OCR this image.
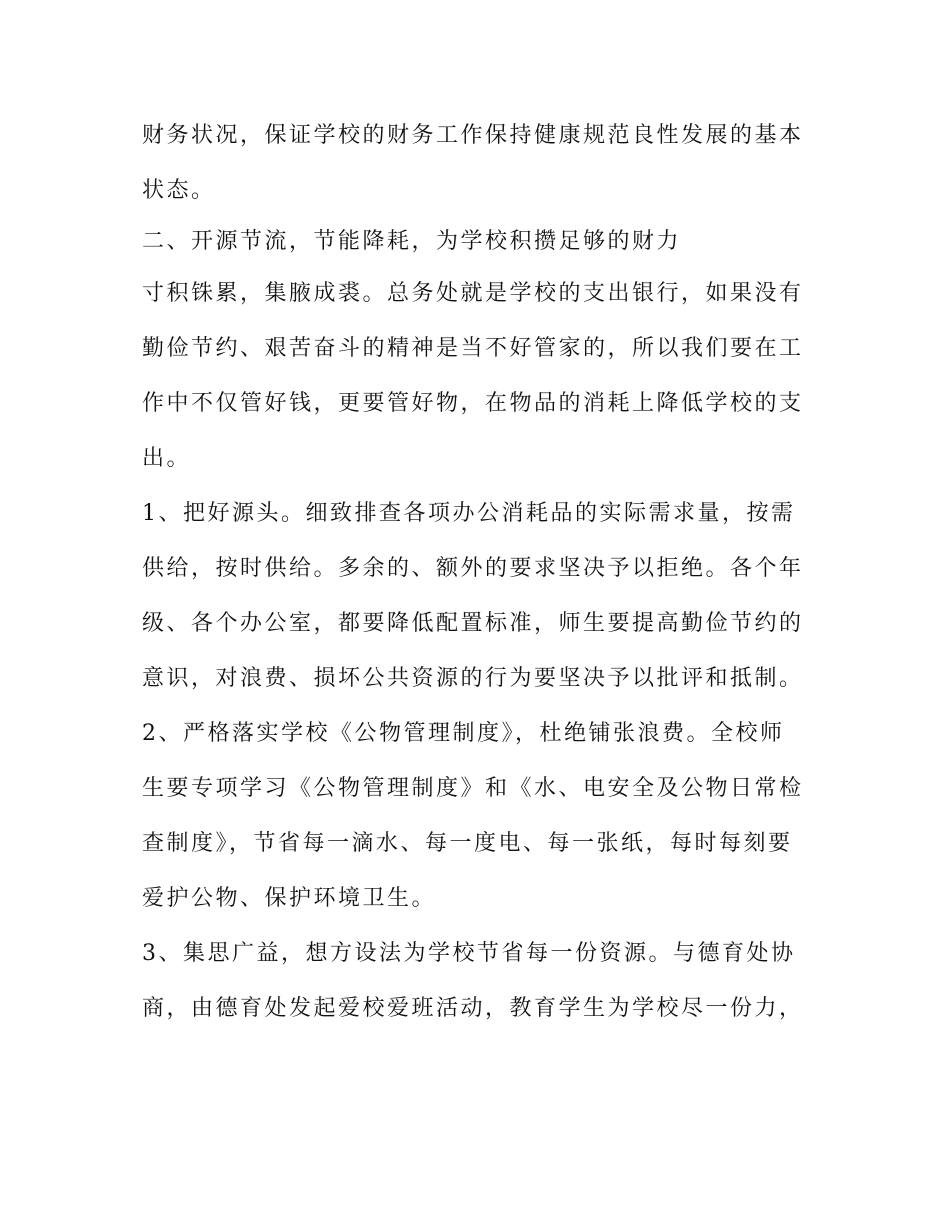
财务状况，保证学校的财务工作保持健康规范良性发展的基本
状态。
二、开源节流，节能降耗，为学校积攒足够的财力
寸积铢累，集腋成裘。总务处就是学校的支出银行，如果没有
勤俭节约、艰苦奋斗的精神是当不好管家的，所以我们要在工
作中不仅管好钱，更要管好物，在物品的消耗上降低学校的支
出。
1、把好源头。细致排查各项办公消耗品的实际需求量，按需
供给，按时供给。多余的、额外的要求坚决予以拒绝。各个年
级、各个办公室，都要降低配置标准，师生要提高勤俭节约的
意识，对浪费、损坏公共资源的行为要坚决予以批评和抵制。
2、严格落实学校《公物管理制度》，杜绝铺张浪费。全校师
生要专项学习《公物管理制度》和《水、电安全及公物日常检
查制度》，节省每一滴水、每一度电、每一张纸，每时每刻要
爱护公物、保护环境卫生。
3、集思广益，想方设法为学校节省每一份资源。与德育处协
商，由德育处发起爱校爱班活动，教育学生为学校尽一份力，
